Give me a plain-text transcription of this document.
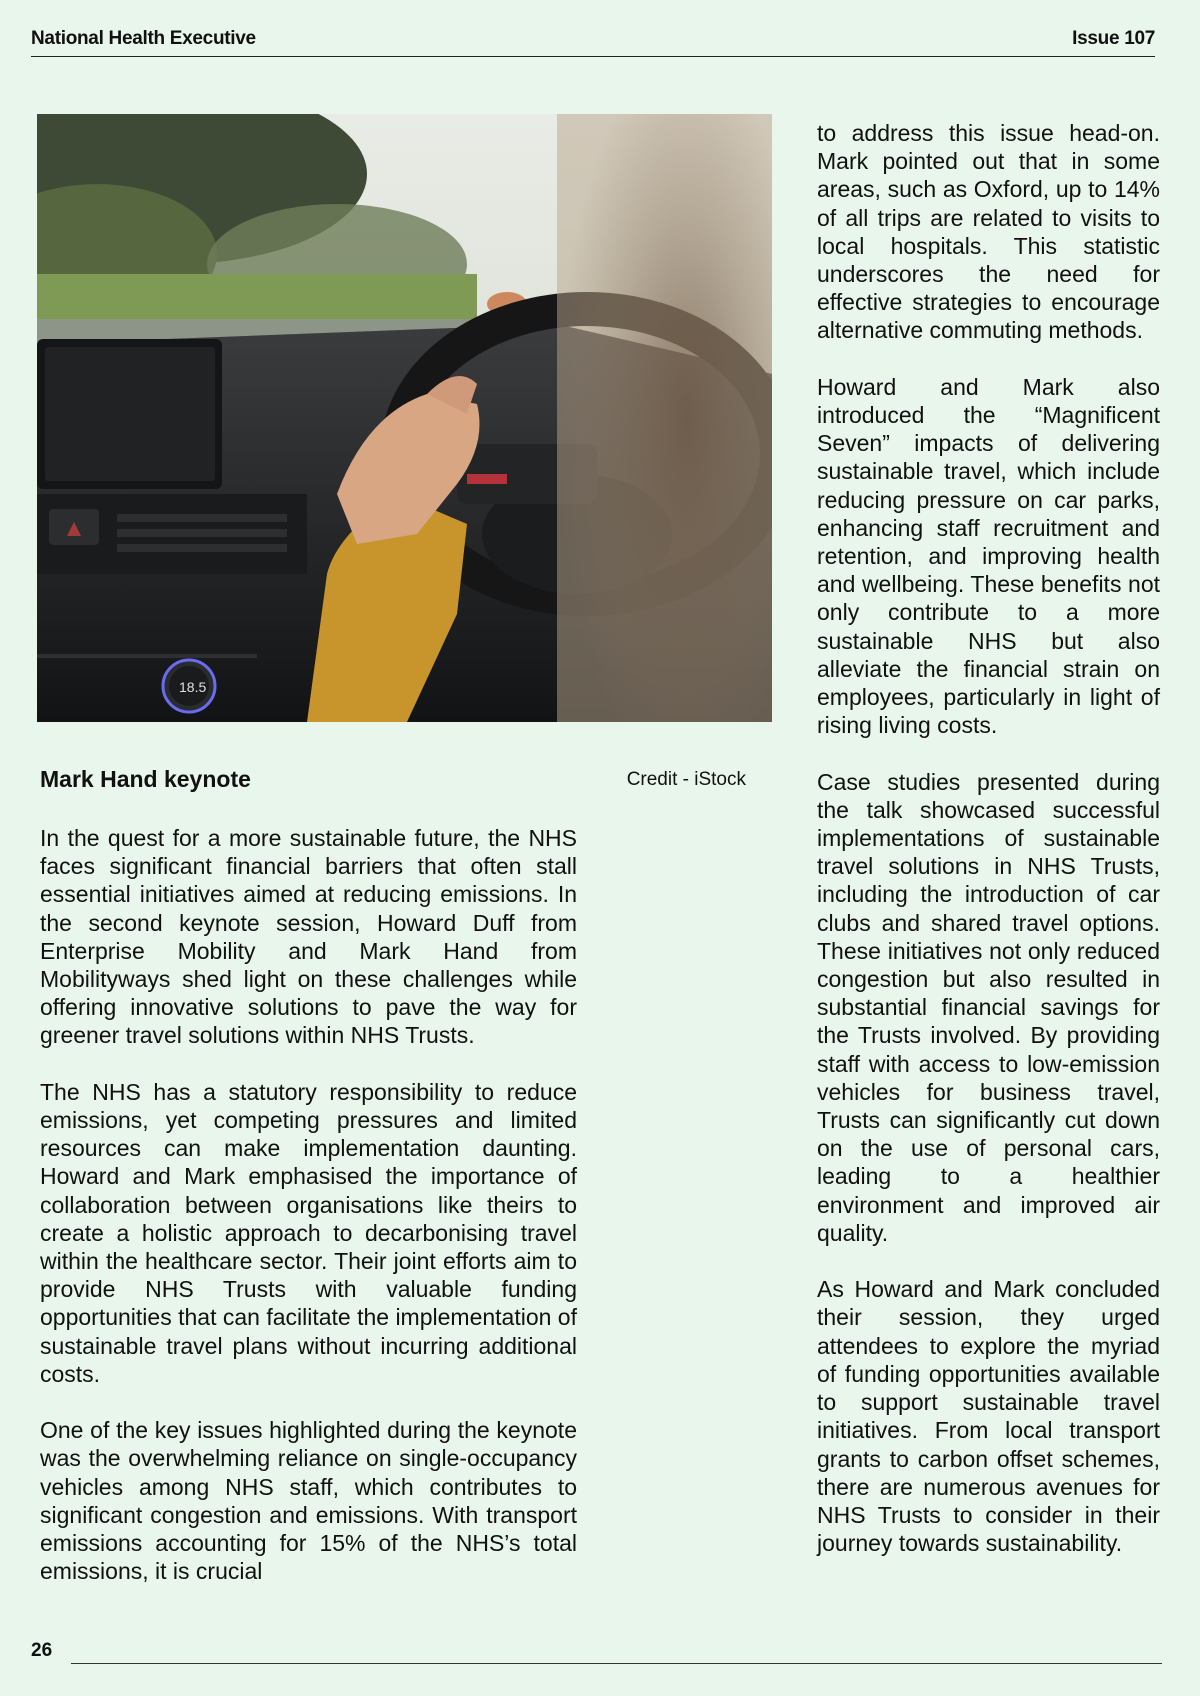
National Health Executive	Issue 107
18.5
Mark Hand keynote	Credit - iStock

In the quest for a more sustainable future, the NHS faces significant financial barriers that often stall essential initiatives aimed at reducing emissions. In the second keynote session, Howard Duff from Enterprise Mobility and Mark Hand from Mobilityways shed light on these challenges while offering innovative solutions to pave the way for greener travel solutions within NHS Trusts.

The NHS has a statutory responsibility to reduce emissions, yet competing pressures and limited resources can make implementation daunting. Howard and Mark emphasised the importance of collaboration between organisations like theirs to create a holistic approach to decarbonising travel within the healthcare sector. Their joint efforts aim to provide NHS Trusts with valuable funding opportunities that can facilitate the implementation of sustainable travel plans without incurring additional costs.

One of the key issues highlighted during the keynote was the overwhelming reliance on single-occupancy vehicles among NHS staff, which contributes to significant congestion and emissions. With transport emissions accounting for 15% of the NHS’s total emissions, it is crucial

to address this issue head-on. Mark pointed out that in some areas, such as Oxford, up to 14% of all trips are related to visits to local hospitals. This statistic underscores the need for effective strategies to encourage alternative commuting methods.

Howard and Mark also introduced the “Magnificent Seven” impacts of delivering sustainable travel, which include reducing pressure on car parks, enhancing staff recruitment and retention, and improving health and wellbeing. These benefits not only contribute to a more sustainable NHS but also alleviate the financial strain on employees, particularly in light of rising living costs.

Case studies presented during the talk showcased successful implementations of sustainable travel solutions in NHS Trusts, including the introduction of car clubs and shared travel options. These initiatives not only reduced congestion but also resulted in substantial financial savings for the Trusts involved. By providing staff with access to low-emission vehicles for business travel, Trusts can significantly cut down on the use of personal cars, leading to a healthier environment and improved air quality.

As Howard and Mark concluded their session, they urged attendees to explore the myriad of funding opportunities available to support sustainable travel initiatives. From local transport grants to carbon offset schemes, there are numerous avenues for NHS Trusts to consider in their journey towards sustainability.

26
